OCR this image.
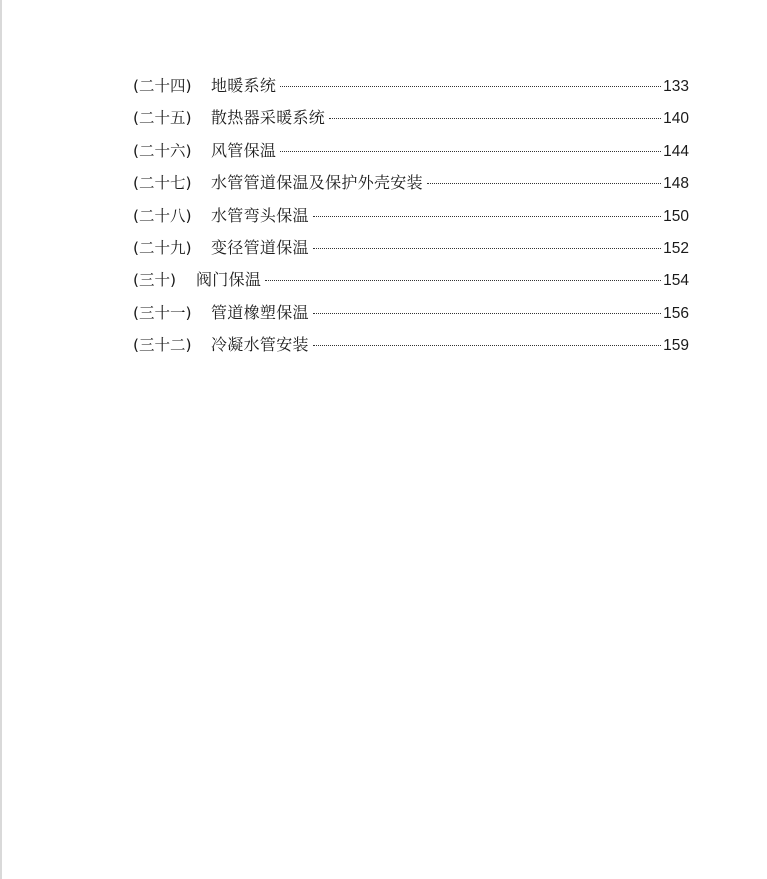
(二十四)	地暖系统	133
(二十五)	散热器采暖系统	140
(二十六)	风管保温	144
(二十七)	水管管道保温及保护外壳安装	148
(二十八)	水管弯头保温	150
(二十九)	变径管道保温	152
(三十)	阀门保温	154
(三十一)	管道橡塑保温	156
(三十二)	冷凝水管安装	159
